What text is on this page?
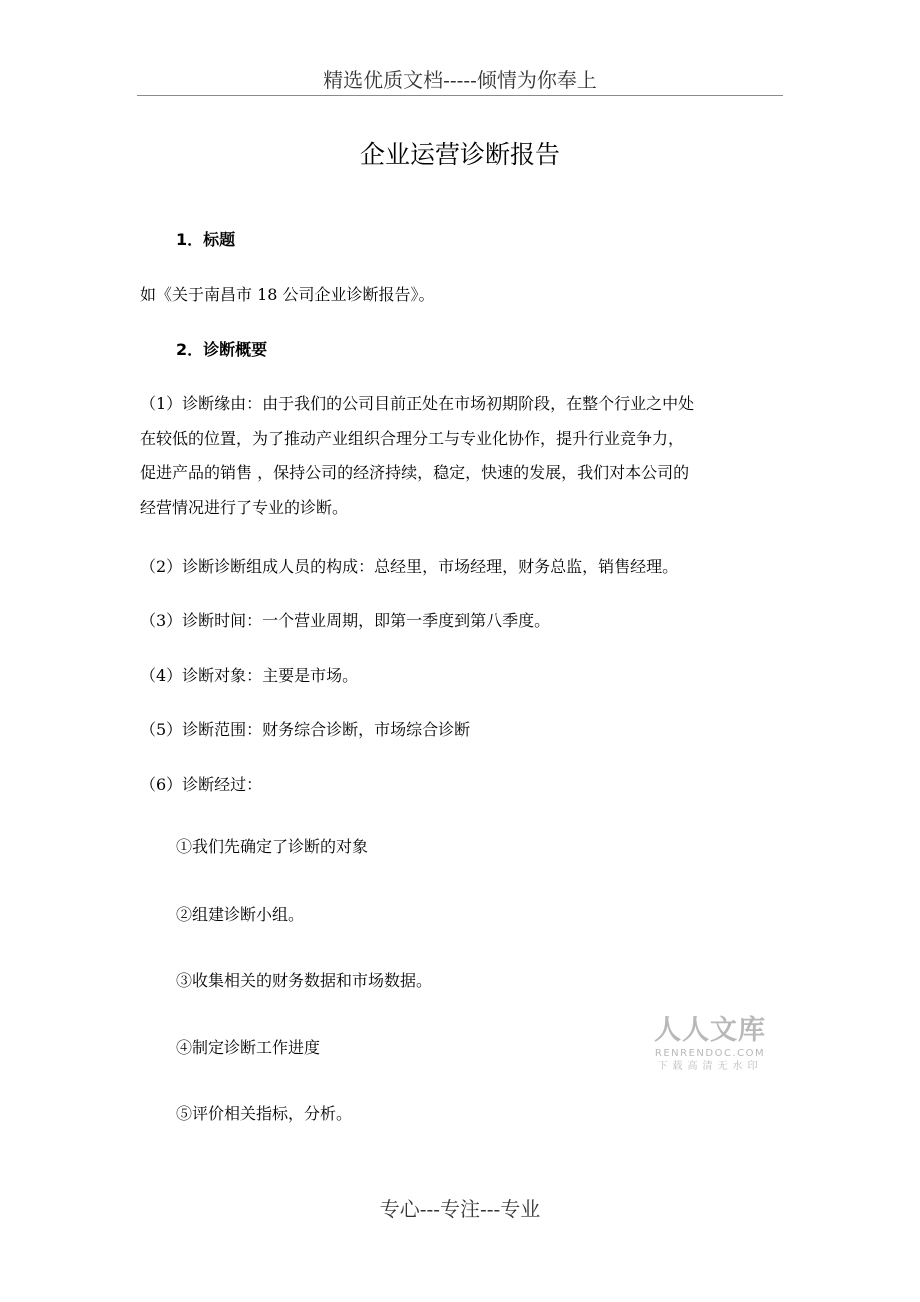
精选优质文档-----倾情为你奉上
企业运营诊断报告
1．标题
如《关于南昌市 18 公司企业诊断报告》。
2．诊断概要
（1）诊断缘由：由于我们的公司目前正处在市场初期阶段，在整个行业之中处
在较低的位置，为了推动产业组织合理分工与专业化协作，提升行业竞争力，
促进产品的销售 ，保持公司的经济持续，稳定，快速的发展，我们对本公司的
经营情况进行了专业的诊断。
（2）诊断诊断组成人员的构成：总经里，市场经理，财务总监，销售经理。
（3）诊断时间：一个营业周期，即第一季度到第八季度。
（4）诊断对象：主要是市场。
（5）诊断范围：财务综合诊断，市场综合诊断
（6）诊断经过：
①我们先确定了诊断的对象
②组建诊断小组。
③收集相关的财务数据和市场数据。
④制定诊断工作进度
⑤评价相关指标，分析。
人人文库
RENRENDOC.COM
下载高清无水印
专心---专注---专业
